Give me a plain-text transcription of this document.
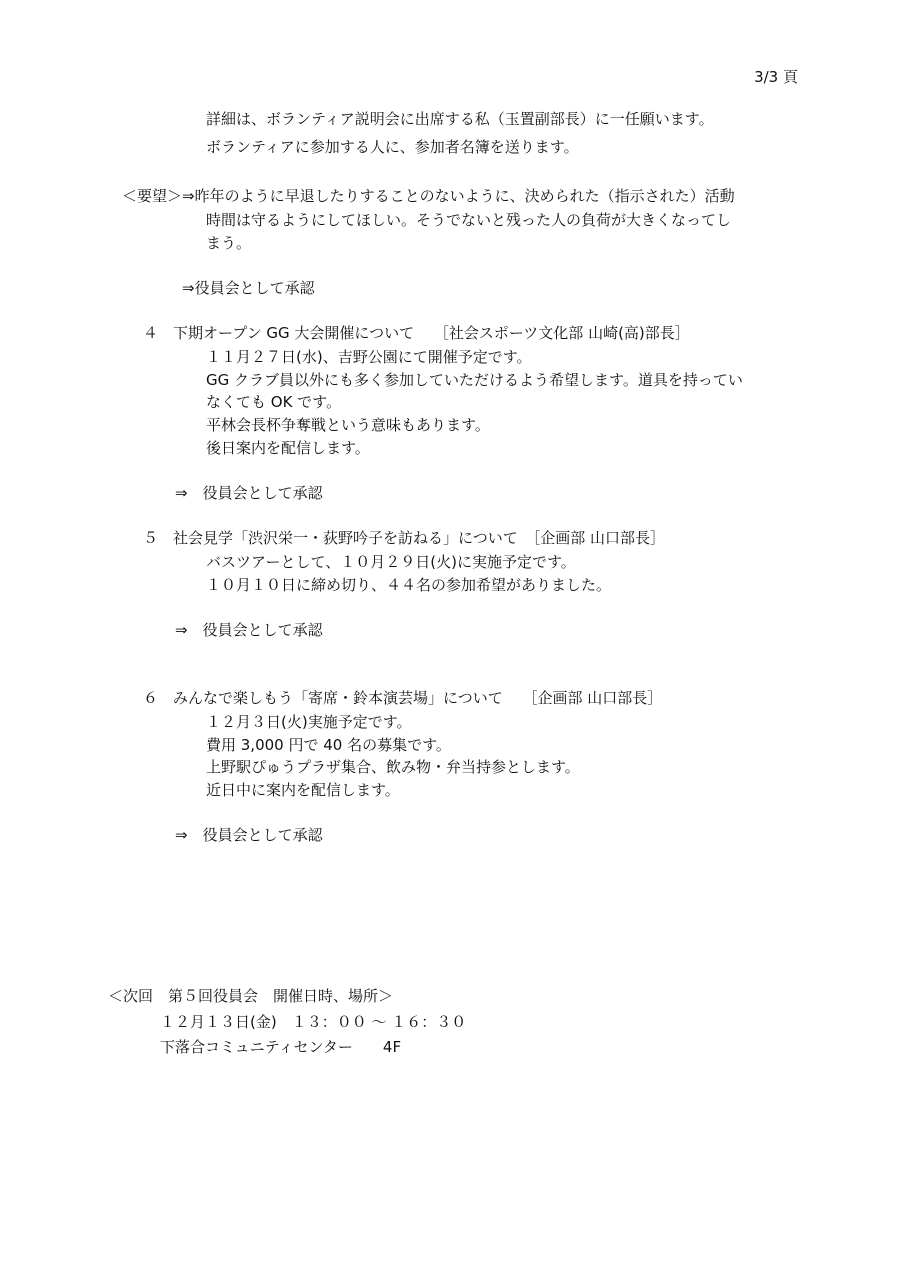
3/3 頁
詳細は、ボランティア説明会に出席する私（玉置副部長）に一任願います。
ボランティアに参加する人に、参加者名簿を送ります。
＜要望＞⇒昨年のように早退したりすることのないように、決められた（指示された）活動
時間は守るようにしてほしい。そうでないと残った人の負荷が大きくなってし
まう。
⇒役員会として承認
４　下期オープン GG 大会開催について　 ［社会スポーツ文化部 山崎(高)部長］
１１月２７日(水)、吉野公園にて開催予定です。
GG クラブ員以外にも多く参加していただけるよう希望します。道具を持ってい
なくても OK です。
平林会長杯争奪戦という意味もあります。
後日案内を配信します。
⇒　役員会として承認
５　社会見学「渋沢栄一・荻野吟子を訪ねる」について　［企画部 山口部長］
バスツアーとして、１０月２９日(火)に実施予定です。
１０月１０日に締め切り、４４名の参加希望がありました。
⇒　役員会として承認
６　みんなで楽しもう「寄席・鈴本演芸場」について　 ［企画部 山口部長］
１２月３日(火)実施予定です。
費用 3,000 円で 40 名の募集です。
上野駅ぴゅうプラザ集合、飲み物・弁当持参とします。
近日中に案内を配信します。
⇒　役員会として承認
＜次回　第５回役員会　開催日時、場所＞
１２月１３日(金)　１３：００ ～ １６：３０
下落合コミュニティセンター　　4F
